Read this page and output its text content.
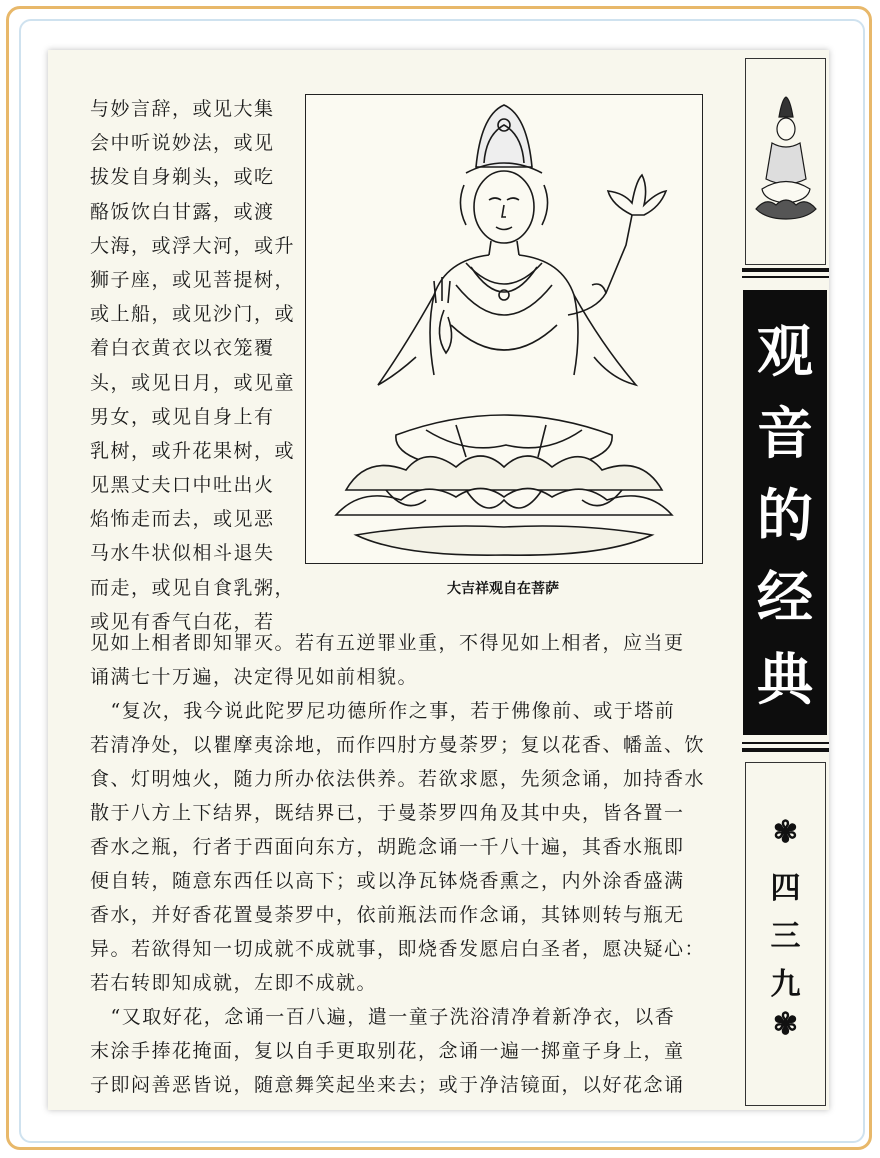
与妙言辞，或见大集
会中听说妙法，或见
拔发自身剃头，或吃
酪饭饮白甘露，或渡
大海，或浮大河，或升
狮子座，或见菩提树，
或上船，或见沙门，或
着白衣黄衣以衣笼覆
头，或见日月，或见童
男女，或见自身上有
乳树，或升花果树，或
见黑丈夫口中吐出火
焰怖走而去，或见恶
马水牛状似相斗退失
而走，或见自食乳粥，
或见有香气白花，若
大吉祥观自在菩萨
见如上相者即知罪灭。若有五逆罪业重，不得见如上相者，应当更
诵满七十万遍，决定得见如前相貌。
　“复次，我今说此陀罗尼功德所作之事，若于佛像前、或于塔前
若清净处，以瞿摩夷涂地，而作四肘方曼荼罗；复以花香、幡盖、饮
食、灯明烛火，随力所办依法供养。若欲求愿，先须念诵，加持香水
散于八方上下结界，既结界已，于曼荼罗四角及其中央，皆各置一
香水之瓶，行者于西面向东方，胡跪念诵一千八十遍，其香水瓶即
便自转，随意东西任以高下；或以净瓦钵烧香熏之，内外涂香盛满
香水，并好香花置曼荼罗中，依前瓶法而作念诵，其钵则转与瓶无
异。若欲得知一切成就不成就事，即烧香发愿启白圣者，愿决疑心：
若右转即知成就，左即不成就。
　“又取好花，念诵一百八遍，遣一童子洗浴清净着新净衣，以香
末涂手捧花掩面，复以自手更取别花，念诵一遍一掷童子身上，童
子即闷善恶皆说，随意舞笑起坐来去；或于净洁镜面，以好花念诵
观
音
的
经
典
✾
四
三
九
✾
